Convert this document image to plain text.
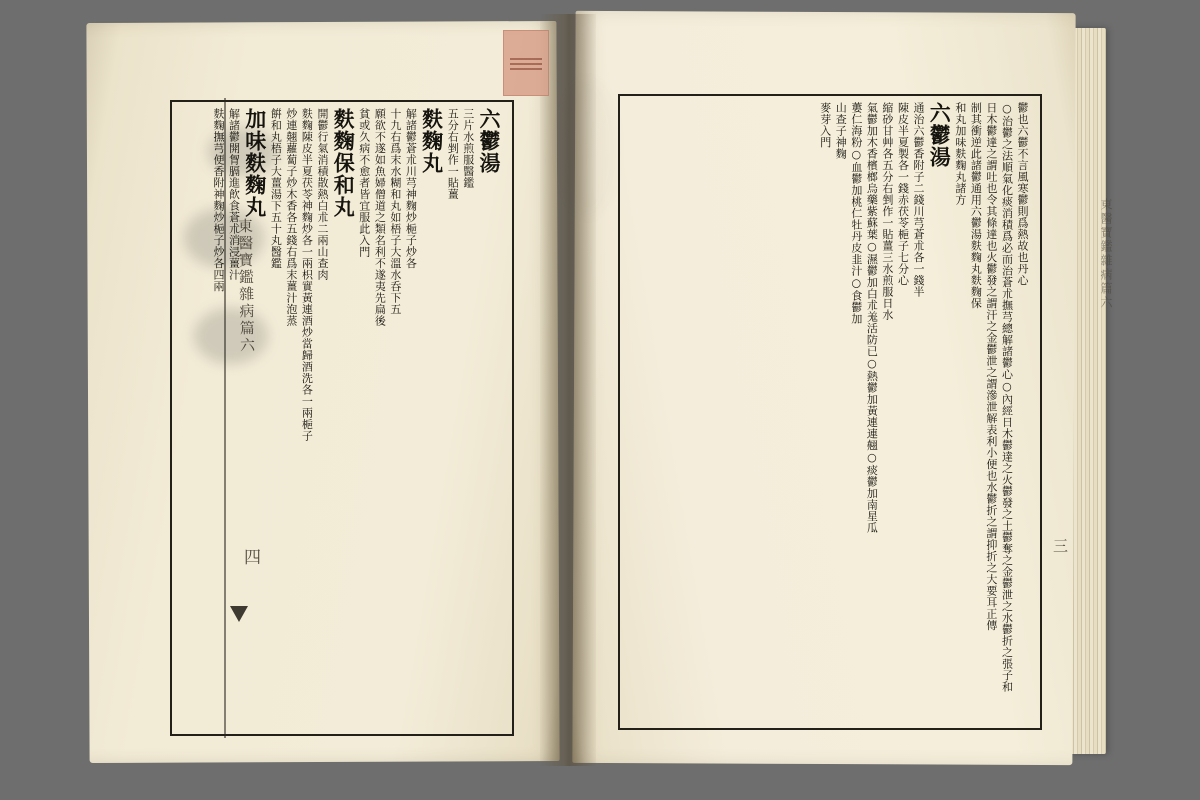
東醫寶鑑雜病篇六
四
東醫寶鑑雜病篇六
三
六鬱湯
三片水煎服醫鑑
五分右剉作一貼薑
麩麴丸
解諸鬱蒼朮川芎神麴炒梔子炒各
十九右爲末水糊和丸如梧子大溫水呑下五
願欲不遂如魚婦僧道之類名利不遂夷先扁後
貧或久病不愈者皆宜服此入門
麩麴保和丸
開鬱行氣消積散熱白朮二兩山查肉
麩麴陳皮半夏茯苓神麴炒各一兩枳實黃連酒炒當歸酒洗各一兩梔子
炒連翹蘿蔔子炒木香各五錢右爲末薑汁泡蒸
餠和丸梧子大薑湯下五十丸醫鑑
加味麩麴丸
解諸鬱開胷膈進飮食蒼朮消浸薑汁
麩麴撫芎便香附神麴炒梔子炒各四兩	鬱也六鬱不言風寒鬱則爲熱故也丹心
○治鬱之法順氣化痰消積爲必而治蒼朮撫芎總解諸鬱心○內經日木鬱達之火鬱發之土鬱奪之金鬱泄之水鬱折之張子和
日木鬱達之謂吐也令其條達也火鬱發之謂汗之金鬱泄之謂滲泄解表利小便也水鬱折之謂抑折之大要耳正傳
制其衝逆此諸鬱通用六鬱湯麩麴丸麩麴保
和丸加味麩麴丸諸方
六鬱湯
通治六鬱香附子二錢川芎蒼朮各一錢半
陳皮半夏製各一錢赤茯苓梔子七分心
縮砂甘艸各五分右剉作一貼薑三水煎服日水
氣鬱加木香檳榔烏藥紫蘇葉○濕鬱加白朮羗活防已○熱鬱加黃連連翹○痰鬱加南星瓜
蔞仁海粉○血鬱加桃仁牡丹皮韭汁○食鬱加
山查子神麴
麥芽入門
